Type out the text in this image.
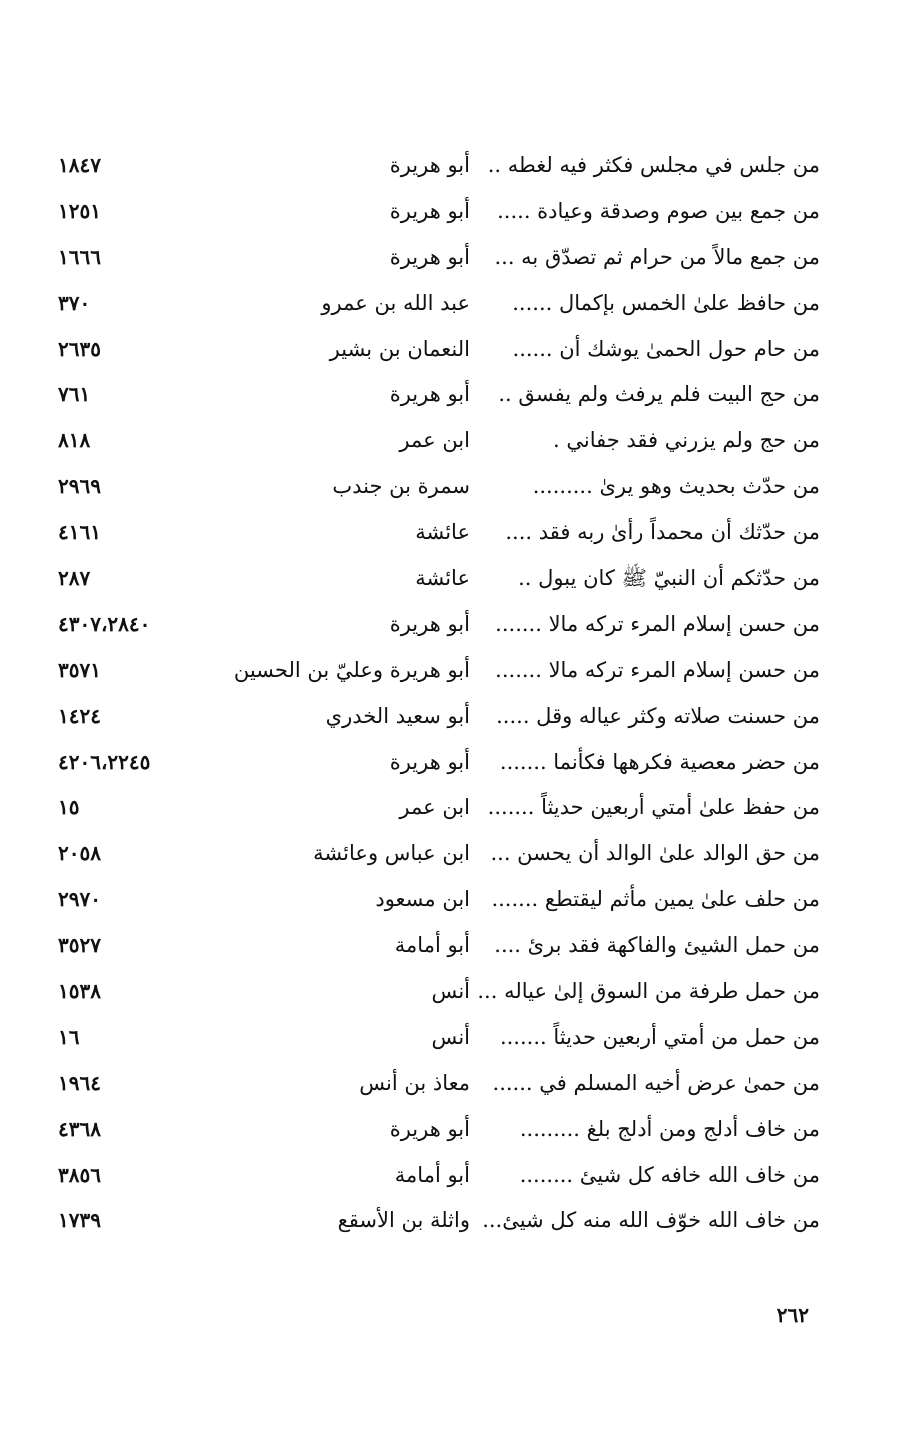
من جلس في مجلس فكثر فيه لغطه ..
أبو هريرة
١٨٤٧
من جمع بين صوم وصدقة وعيادة .....
أبو هريرة
١٢٥١
من جمع مالاً من حرام ثم تصدّق به ...
أبو هريرة
١٦٦٦
من حافظ علىٰ الخمس بإكمال ......
عبد الله بن عمرو
٣٧٠
من حام حول الحمىٰ يوشك أن ......
النعمان بن بشير
٢٦٣٥
من حج البيت فلم يرفث ولم يفسق ..
أبو هريرة
٧٦١
من حج ولم يزرني فقد جفاني .
ابن عمر
٨١٨
من حدّث بحديث وهو يرىٰ .........
سمرة بن جندب
٢٩٦٩
من حدّثك أن محمداً رأىٰ ربه فقد ....
عائشة
٤١٦١
من حدّثكم أن النبيّ ﷺ كان يبول ..
عائشة
٢٨٧
من حسن إسلام المرء تركه مالا .......
أبو هريرة
٤٣٠٧،٢٨٤٠
من حسن إسلام المرء تركه مالا .......
أبو هريرة وعليّ بن الحسين
٣٥٧١
من حسنت صلاته وكثر عياله وقل .....
أبو سعيد الخدري
١٤٢٤
من حضر معصية فكرهها فكأنما .......
أبو هريرة
٤٢٠٦،٢٢٤٥
من حفظ علىٰ أمتي أربعين حديثاً .......
ابن عمر
١٥
من حق الوالد علىٰ الوالد أن يحسن ...
ابن عباس وعائشة
٢٠٥٨
من حلف علىٰ يمين مأثم ليقتطع .......
ابن مسعود
٢٩٧٠
من حمل الشيئ والفاكهة فقد برئ ....
أبو أمامة
٣٥٢٧
من حمل طرفة من السوق إلىٰ عياله ...
أنس
١٥٣٨
من حمل من أمتي أربعين حديثاً .......
أنس
١٦
من حمىٰ عرض أخيه المسلم في ......
معاذ بن أنس
١٩٦٤
من خاف أدلج ومن أدلج بلغ .........
أبو هريرة
٤٣٦٨
من خاف الله خافه كل شيئ ........
أبو أمامة
٣٨٥٦
من خاف الله خوّف الله منه كل شيئ...
واثلة بن الأسقع
١٧٣٩
٢٦٢
